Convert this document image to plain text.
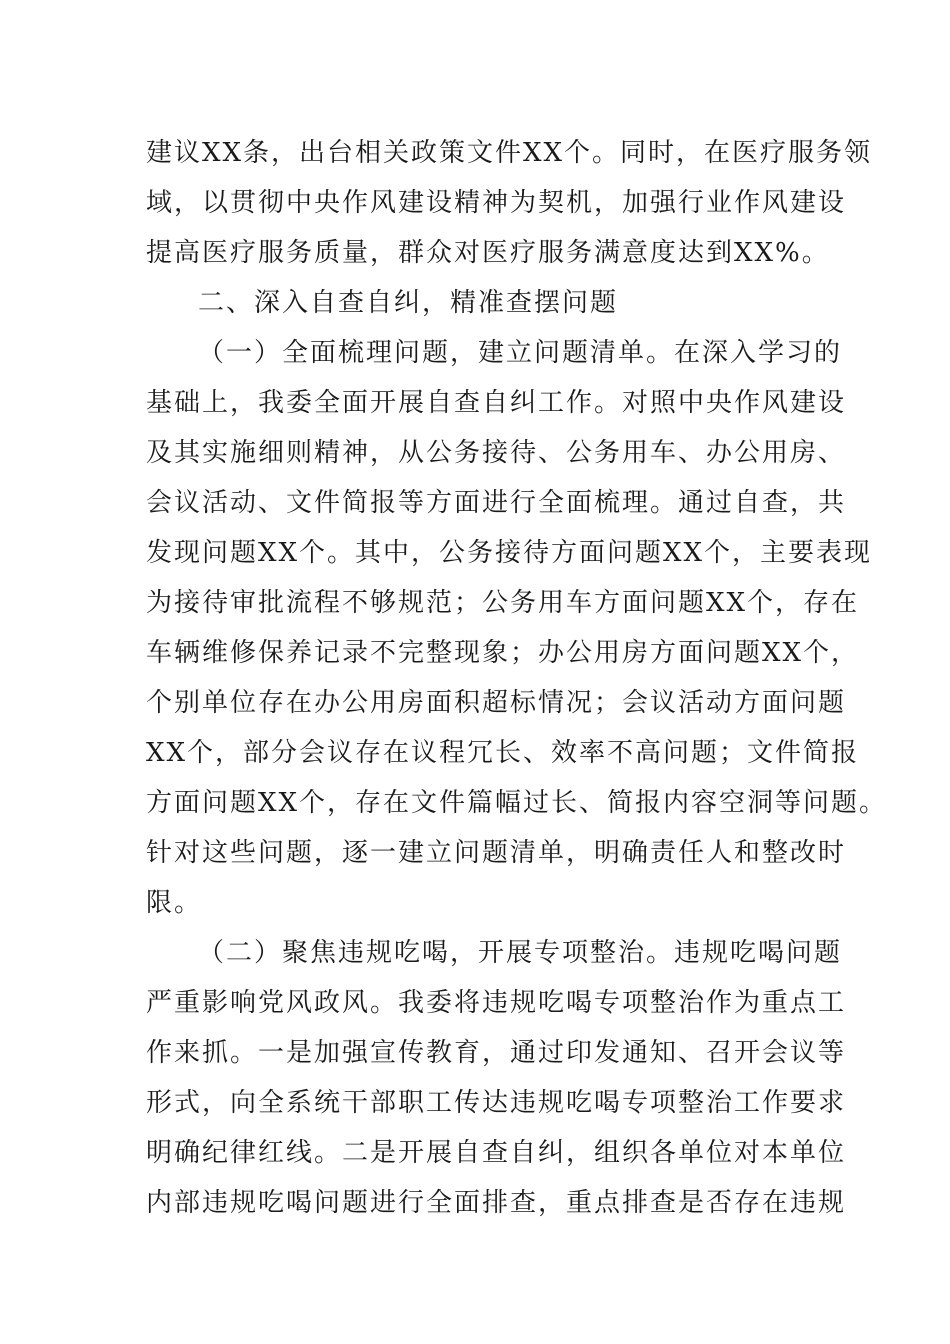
建议XX条，出台相关政策文件XX个。同时，在医疗服务领
域，以贯彻中央作风建设精神为契机，加强行业作风建设
提高医疗服务质量，群众对医疗服务满意度达到XX%。
二、深入自查自纠，精准查摆问题
（一）全面梳理问题，建立问题清单。在深入学习的
基础上，我委全面开展自查自纠工作。对照中央作风建设
及其实施细则精神，从公务接待、公务用车、办公用房、
会议活动、文件简报等方面进行全面梳理。通过自查，共
发现问题XX个。其中，公务接待方面问题XX个，主要表现
为接待审批流程不够规范；公务用车方面问题XX个，存在
车辆维修保养记录不完整现象；办公用房方面问题XX个，
个别单位存在办公用房面积超标情况；会议活动方面问题
XX个，部分会议存在议程冗长、效率不高问题；文件简报
方面问题XX个，存在文件篇幅过长、简报内容空洞等问题。
针对这些问题，逐一建立问题清单，明确责任人和整改时
限。
（二）聚焦违规吃喝，开展专项整治。违规吃喝问题
严重影响党风政风。我委将违规吃喝专项整治作为重点工
作来抓。一是加强宣传教育，通过印发通知、召开会议等
形式，向全系统干部职工传达违规吃喝专项整治工作要求
明确纪律红线。二是开展自查自纠，组织各单位对本单位
内部违规吃喝问题进行全面排查，重点排查是否存在违规
